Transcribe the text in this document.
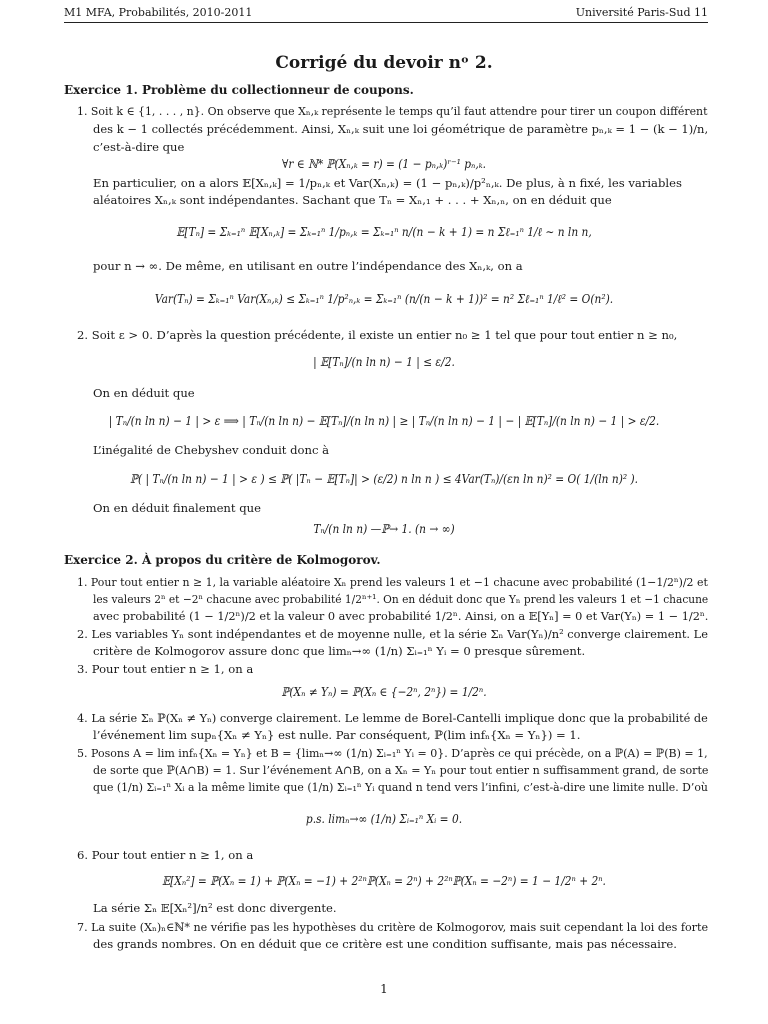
M1 MFA, Probabilités, 2010-2011	Université Paris-Sud 11
Corrigé du devoir nᵒ 2.
Exercice 1. Problème du collectionneur de coupons.
1. Soit k ∈ {1, . . . , n}. On observe que Xₙ,ₖ représente le temps qu’il faut attendre pour tirer un coupon différent
des k − 1 collectés précédemment. Ainsi, Xₙ,ₖ suit une loi géométrique de paramètre pₙ,ₖ = 1 − (k − 1)/n,
c’est-à-dire que
∀r ∈ ℕ* ℙ(Xₙ,ₖ = r) = (1 − pₙ,ₖ)ʳ⁻¹ pₙ,ₖ.
En particulier, on a alors 𝔼[Xₙ,ₖ] = 1/pₙ,ₖ et Var(Xₙ,ₖ) = (1 − pₙ,ₖ)/p²ₙ,ₖ. De plus, à n fixé, les variables
aléatoires Xₙ,ₖ sont indépendantes. Sachant que Tₙ = Xₙ,₁ + . . . + Xₙ,ₙ, on en déduit que
𝔼[Tₙ] = Σₖ₌₁ⁿ 𝔼[Xₙ,ₖ] = Σₖ₌₁ⁿ 1/pₙ,ₖ = Σₖ₌₁ⁿ n/(n − k + 1) = n Σℓ₌₁ⁿ 1/ℓ ∼ n ln n,
pour n → ∞. De même, en utilisant en outre l’indépendance des Xₙ,ₖ, on a
Var(Tₙ) = Σₖ₌₁ⁿ Var(Xₙ,ₖ) ≤ Σₖ₌₁ⁿ 1/p²ₙ,ₖ = Σₖ₌₁ⁿ (n/(n − k + 1))² = n² Σℓ₌₁ⁿ 1/ℓ² = O(n²).
2. Soit ε > 0. D’après la question précédente, il existe un entier n₀ ≥ 1 tel que pour tout entier n ≥ n₀,
| 𝔼[Tₙ]/(n ln n) − 1 | ≤ ε/2.
On en déduit que
| Tₙ/(n ln n) − 1 | > ε ⟹ | Tₙ/(n ln n) − 𝔼[Tₙ]/(n ln n) | ≥ | Tₙ/(n ln n) − 1 | − | 𝔼[Tₙ]/(n ln n) − 1 | > ε/2.
L’inégalité de Chebyshev conduit donc à
ℙ( | Tₙ/(n ln n) − 1 | > ε ) ≤ ℙ( |Tₙ − 𝔼[Tₙ]| > (ε/2) n ln n ) ≤ 4Var(Tₙ)/(εn ln n)² = O( 1/(ln n)² ).
On en déduit finalement que
Tₙ/(n ln n) —ℙ→ 1. (n → ∞)
Exercice 2. À propos du critère de Kolmogorov.
1. Pour tout entier n ≥ 1, la variable aléatoire Xₙ prend les valeurs 1 et −1 chacune avec probabilité (1−1/2ⁿ)/2 et
les valeurs 2ⁿ et −2ⁿ chacune avec probabilité 1/2ⁿ⁺¹. On en déduit donc que Yₙ prend les valeurs 1 et −1 chacune
avec probabilité (1 − 1/2ⁿ)/2 et la valeur 0 avec probabilité 1/2ⁿ. Ainsi, on a 𝔼[Yₙ] = 0 et Var(Yₙ) = 1 − 1/2ⁿ.
2. Les variables Yₙ sont indépendantes et de moyenne nulle, et la série Σₙ Var(Yₙ)/n² converge clairement. Le
critère de Kolmogorov assure donc que limₙ→∞ (1/n) Σᵢ₌₁ⁿ Yᵢ = 0 presque sûrement.
3. Pour tout entier n ≥ 1, on a
ℙ(Xₙ ≠ Yₙ) = ℙ(Xₙ ∈ {−2ⁿ, 2ⁿ}) = 1/2ⁿ.
4. La série Σₙ ℙ(Xₙ ≠ Yₙ) converge clairement. Le lemme de Borel-Cantelli implique donc que la probabilité de
l’événement lim supₙ{Xₙ ≠ Yₙ} est nulle. Par conséquent, ℙ(lim infₙ{Xₙ = Yₙ}) = 1.
5. Posons A = lim infₙ{Xₙ = Yₙ} et B = {limₙ→∞ (1/n) Σᵢ₌₁ⁿ Yᵢ = 0}. D’après ce qui précède, on a ℙ(A) = ℙ(B) = 1,
de sorte que ℙ(A∩B) = 1. Sur l’événement A∩B, on a Xₙ = Yₙ pour tout entier n suffisamment grand, de sorte
que (1/n) Σᵢ₌₁ⁿ Xᵢ a la même limite que (1/n) Σᵢ₌₁ⁿ Yᵢ quand n tend vers l’infini, c’est-à-dire une limite nulle. D’où
p.s. limₙ→∞ (1/n) Σᵢ₌₁ⁿ Xᵢ = 0.
6. Pour tout entier n ≥ 1, on a
𝔼[Xₙ²] = ℙ(Xₙ = 1) + ℙ(Xₙ = −1) + 2²ⁿℙ(Xₙ = 2ⁿ) + 2²ⁿℙ(Xₙ = −2ⁿ) = 1 − 1/2ⁿ + 2ⁿ.
La série Σₙ 𝔼[Xₙ²]/n² est donc divergente.
7. La suite (Xₙ)ₙ∈ℕ* ne vérifie pas les hypothèses du critère de Kolmogorov, mais suit cependant la loi des forte
des grands nombres. On en déduit que ce critère est une condition suffisante, mais pas nécessaire.
1
